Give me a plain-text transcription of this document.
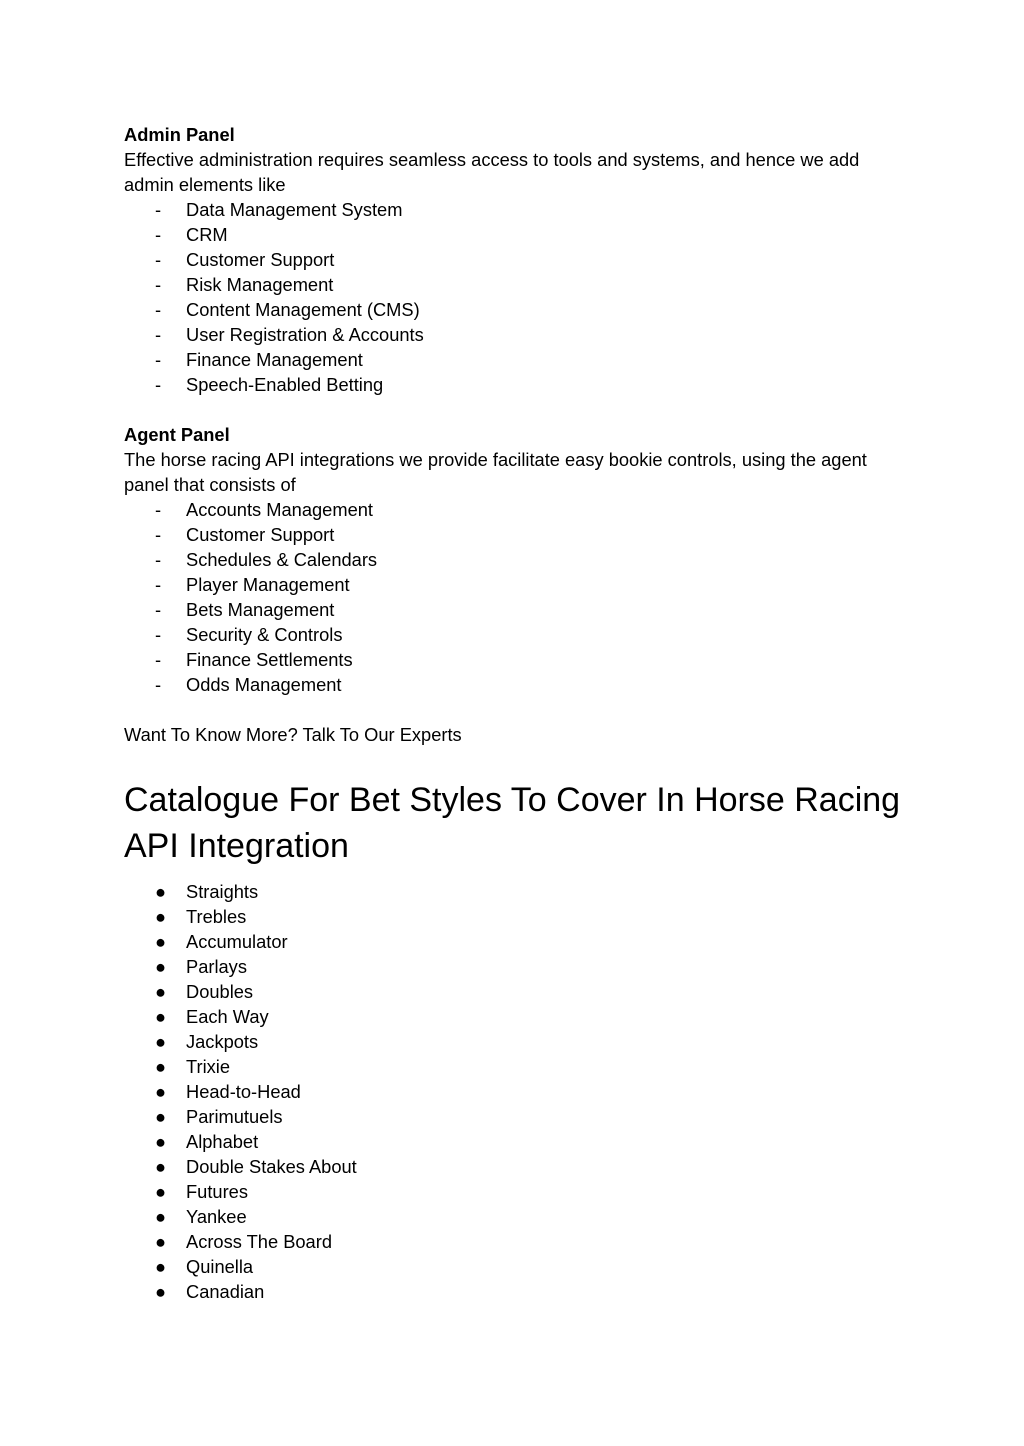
Admin Panel

Effective administration requires seamless access to tools and systems, and hence we add admin elements like

-	Data Management System
-	CRM
-	Customer Support
-	Risk Management
-	Content Management (CMS)
-	User Registration & Accounts
-	Finance Management
-	Speech-Enabled Betting
Agent Panel

The horse racing API integrations we provide facilitate easy bookie controls, using the agent panel that consists of

-	Accounts Management
-	Customer Support
-	Schedules & Calendars
-	Player Management
-	Bets Management
-	Security & Controls
-	Finance Settlements
-	Odds Management
Want To Know More? Talk To Our Experts
Catalogue For Bet Styles To Cover In Horse Racing API Integration
● Straights
● Trebles
● Accumulator
● Parlays
● Doubles
● Each Way
● Jackpots
● Trixie
● Head-to-Head
● Parimutuels
● Alphabet
● Double Stakes About
● Futures
● Yankee
● Across The Board
● Quinella
● Canadian
